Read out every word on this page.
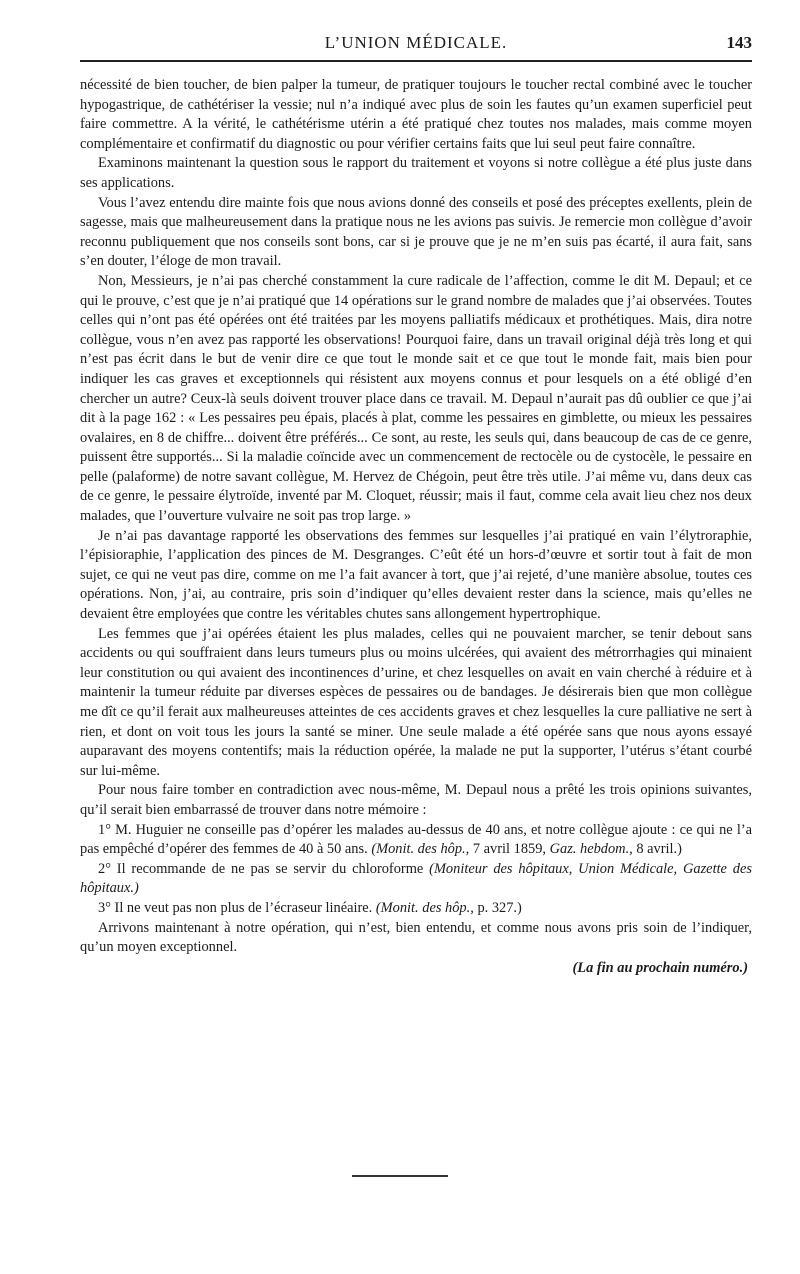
L’UNION MÉDICALE.	143

nécessité de bien toucher, de bien palper la tumeur, de pratiquer toujours le toucher rectal combiné avec le toucher hypogastrique, de cathétériser la vessie; nul n’a indiqué avec plus de soin les fautes qu’un examen superficiel peut faire commettre. A la vérité, le cathétérisme utérin a été pratiqué chez toutes nos malades, mais comme moyen complémentaire et confirmatif du diagnostic ou pour vérifier certains faits que lui seul peut faire connaître.

Examinons maintenant la question sous le rapport du traitement et voyons si notre collègue a été plus juste dans ses applications.

Vous l’avez entendu dire mainte fois que nous avions donné des conseils et posé des préceptes exellents, plein de sagesse, mais que malheureusement dans la pratique nous ne les avions pas suivis. Je remercie mon collègue d’avoir reconnu publiquement que nos conseils sont bons, car si je prouve que je ne m’en suis pas écarté, il aura fait, sans s’en douter, l’éloge de mon travail.

Non, Messieurs, je n’ai pas cherché constamment la cure radicale de l’affection, comme le dit M. Depaul; et ce qui le prouve, c’est que je n’ai pratiqué que 14 opérations sur le grand nombre de malades que j’ai observées. Toutes celles qui n’ont pas été opérées ont été traitées par les moyens palliatifs médicaux et prothétiques. Mais, dira notre collègue, vous n’en avez pas rapporté les observations! Pourquoi faire, dans un travail original déjà très long et qui n’est pas écrit dans le but de venir dire ce que tout le monde sait et ce que tout le monde fait, mais bien pour indiquer les cas graves et exceptionnels qui résistent aux moyens connus et pour lesquels on a été obligé d’en chercher un autre? Ceux-là seuls doivent trouver place dans ce travail. M. Depaul n’aurait pas dû oublier ce que j’ai dit à la page 162 : « Les pessaires peu épais, placés à plat, comme les pessaires en gimblette, ou mieux les pessaires ovalaires, en 8 de chiffre... doivent être préférés... Ce sont, au reste, les seuls qui, dans beaucoup de cas de ce genre, puissent être supportés... Si la maladie coïncide avec un commencement de rectocèle ou de cystocèle, le pessaire en pelle (palaforme) de notre savant collègue, M. Hervez de Chégoin, peut être très utile. J’ai même vu, dans deux cas de ce genre, le pessaire élytroïde, inventé par M. Cloquet, réussir; mais il faut, comme cela avait lieu chez nos deux malades, que l’ouverture vulvaire ne soit pas trop large. »

Je n’ai pas davantage rapporté les observations des femmes sur lesquelles j’ai pratiqué en vain l’élytroraphie, l’épisioraphie, l’application des pinces de M. Desgranges. C’eût été un hors-d’œuvre et sortir tout à fait de mon sujet, ce qui ne veut pas dire, comme on me l’a fait avancer à tort, que j’ai rejeté, d’une manière absolue, toutes ces opérations. Non, j’ai, au contraire, pris soin d’indiquer qu’elles devaient rester dans la science, mais qu’elles ne devaient être employées que contre les véritables chutes sans allongement hypertrophique.

Les femmes que j’ai opérées étaient les plus malades, celles qui ne pouvaient marcher, se tenir debout sans accidents ou qui souffraient dans leurs tumeurs plus ou moins ulcérées, qui avaient des métrorrhagies qui minaient leur constitution ou qui avaient des incontinences d’urine, et chez lesquelles on avait en vain cherché à réduire et à maintenir la tumeur réduite par diverses espèces de pessaires ou de bandages. Je désirerais bien que mon collègue me dît ce qu’il ferait aux malheureuses atteintes de ces accidents graves et chez lesquelles la cure palliative ne sert à rien, et dont on voit tous les jours la santé se miner. Une seule malade a été opérée sans que nous ayons essayé auparavant des moyens contentifs; mais la réduction opérée, la malade ne put la supporter, l’utérus s’étant courbé sur lui-même.

Pour nous faire tomber en contradiction avec nous-même, M. Depaul nous a prêté les trois opinions suivantes, qu’il serait bien embarrassé de trouver dans notre mémoire :

1° M. Huguier ne conseille pas d’opérer les malades au-dessus de 40 ans, et notre collègue ajoute : ce qui ne l’a pas empêché d’opérer des femmes de 40 à 50 ans. (Monit. des hôp., 7 avril 1859, Gaz. hebdom., 8 avril.)

2° Il recommande de ne pas se servir du chloroforme (Moniteur des hôpitaux, Union Médicale, Gazette des hôpitaux.)

3° Il ne veut pas non plus de l’écraseur linéaire. (Monit. des hôp., p. 327.)

Arrivons maintenant à notre opération, qui n’est, bien entendu, et comme nous avons pris soin de l’indiquer, qu’un moyen exceptionnel.

(La fin au prochain numéro.)
